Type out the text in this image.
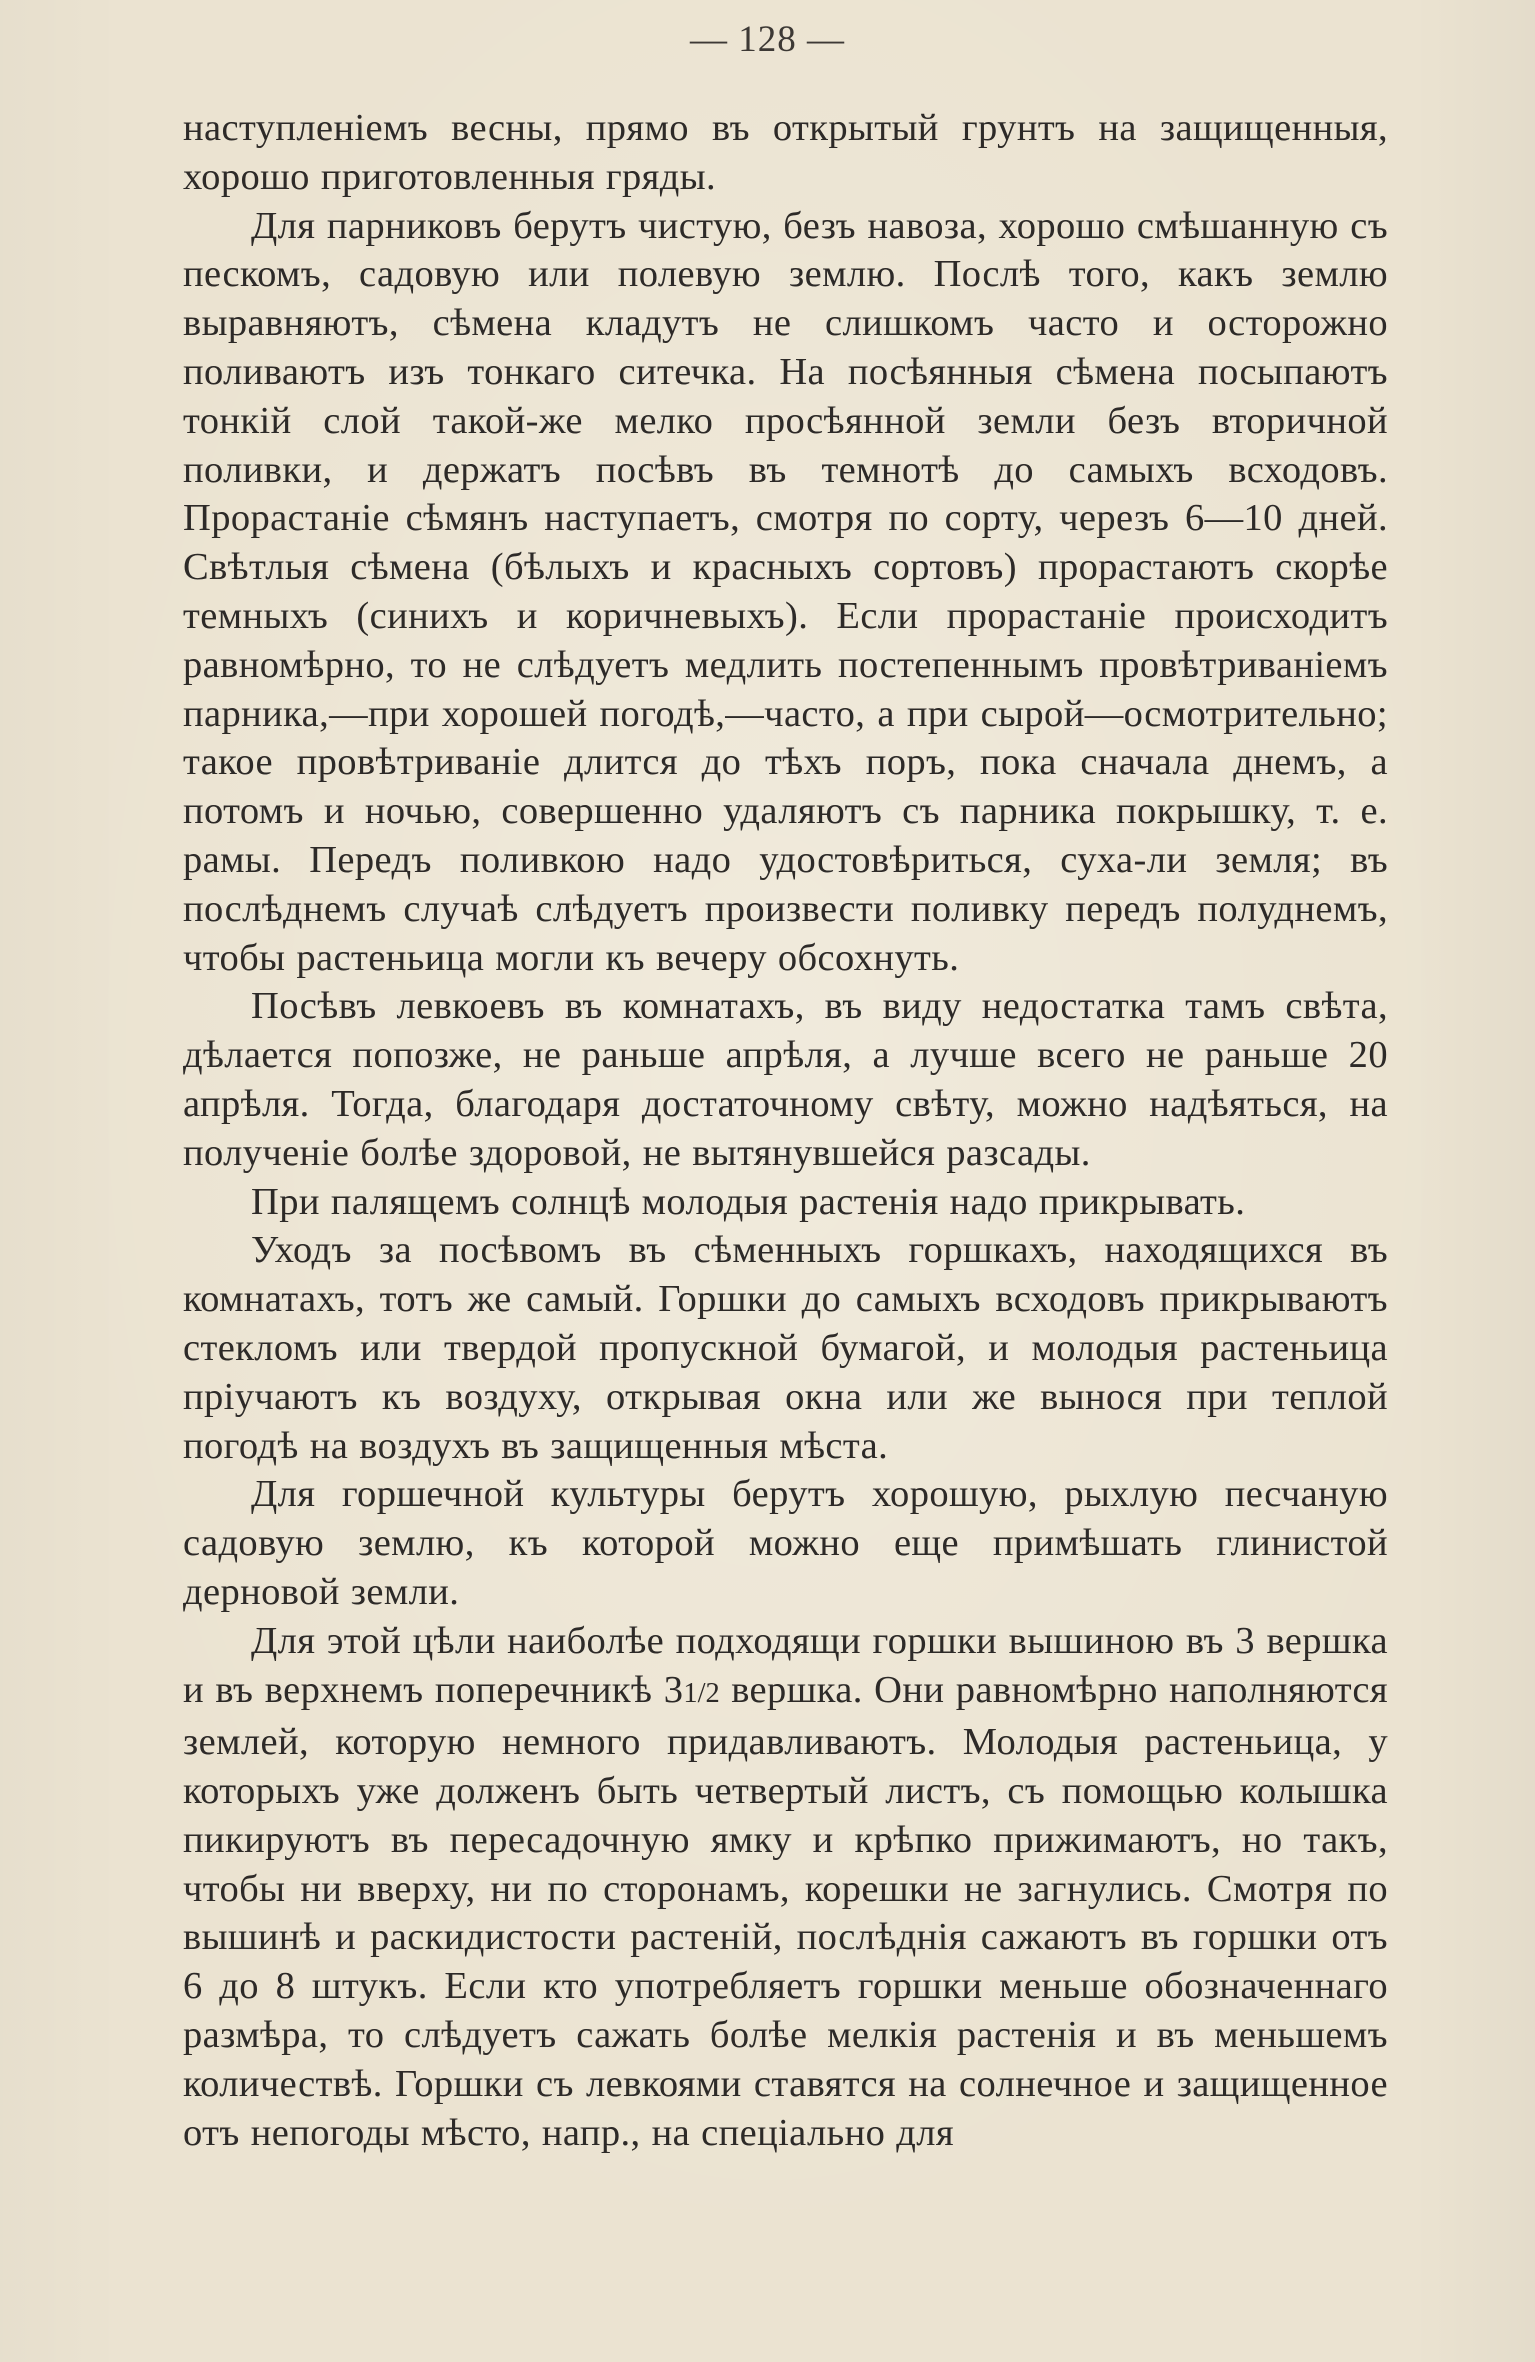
— 128 —

наступленіемъ весны, прямо въ открытый грунтъ на защищенныя, хорошо приготовленныя гряды.

Для парниковъ берутъ чистую, безъ навоза, хорошо смѣшанную съ пескомъ, садовую или полевую землю. Послѣ того, какъ землю выравняютъ, сѣмена кладутъ не слишкомъ часто и осторожно поливаютъ изъ тонкаго ситечка. На посѣянныя сѣмена посыпаютъ тонкій слой такой-же мелко просѣянной земли безъ вторичной поливки, и держатъ посѣвъ въ темнотѣ до самыхъ всходовъ. Прорастаніе сѣмянъ наступаетъ, смотря по сорту, черезъ 6—10 дней. Свѣтлыя сѣмена (бѣлыхъ и красныхъ сортовъ) прорастаютъ скорѣе темныхъ (синихъ и коричневыхъ). Если прорастаніе происходитъ равномѣрно, то не слѣдуетъ медлить постепеннымъ провѣтриваніемъ парника,—при хорошей погодѣ,—часто, а при сырой—осмотрительно; такое провѣтриваніе длится до тѣхъ поръ, пока сначала днемъ, а потомъ и ночью, совершенно удаляютъ съ парника покрышку, т. е. рамы. Передъ поливкою надо удостовѣриться, суха-ли земля; въ послѣднемъ случаѣ слѣдуетъ произвести поливку передъ полуднемъ, чтобы растеньица могли къ вечеру обсохнуть.

Посѣвъ левкоевъ въ комнатахъ, въ виду недостатка тамъ свѣта, дѣлается попозже, не раньше апрѣля, а лучше всего не раньше 20 апрѣля. Тогда, благодаря достаточному свѣту, можно надѣяться, на полученіе болѣе здоровой, не вытянувшейся разсады.

При палящемъ солнцѣ молодыя растенія надо прикрывать.

Уходъ за посѣвомъ въ сѣменныхъ горшкахъ, находящихся въ комнатахъ, тотъ же самый. Горшки до самыхъ всходовъ прикрываютъ стекломъ или твердой пропускной бумагой, и молодыя растеньица пріучаютъ къ воздуху, открывая окна или же вынося при теплой погодѣ на воздухъ въ защищенныя мѣста.

Для горшечной культуры берутъ хорошую, рыхлую песчаную садовую землю, къ которой можно еще примѣшать глинистой дерновой земли.

Для этой цѣли наиболѣе подходящи горшки вышиною въ 3 вершка и въ верхнемъ поперечникѣ 31/2 вершка. Они равномѣрно наполняются землей, которую немного придавливаютъ. Молодыя растеньица, у которыхъ уже долженъ быть четвертый листъ, съ помощью колышка пикируютъ въ пересадочную ямку и крѣпко прижимаютъ, но такъ, чтобы ни вверху, ни по сторонамъ, корешки не загнулись. Смотря по вышинѣ и раскидистости растеній, послѣднія сажаютъ въ горшки отъ 6 до 8 штукъ. Если кто употребляетъ горшки меньше обозначеннаго размѣра, то слѣдуетъ сажать болѣе мелкія растенія и въ меньшемъ количествѣ. Горшки съ левкоями ставятся на солнечное и защищенное отъ непогоды мѣсто, напр., на спеціально для
